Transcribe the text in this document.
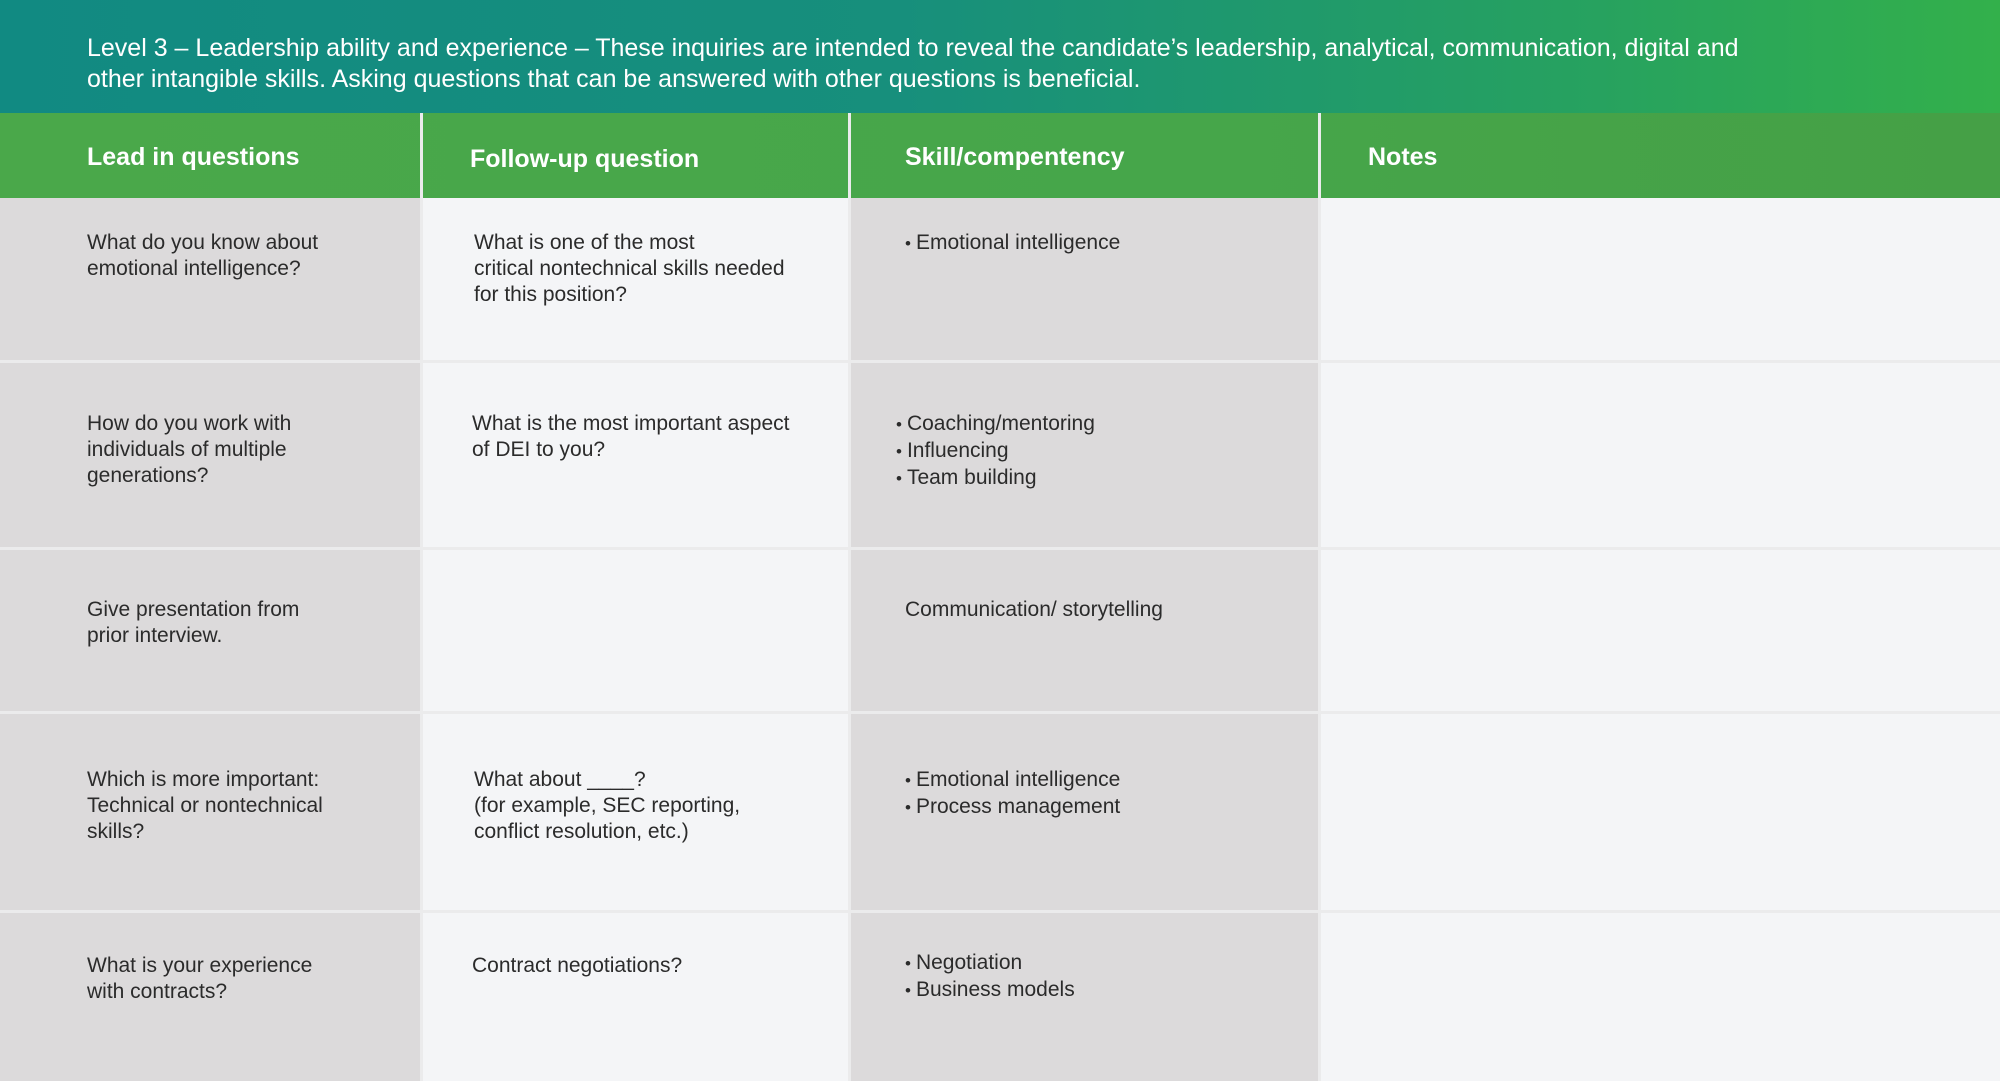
Level 3 – Leadership ability and experience – These inquiries are intended to reveal the candidate’s leadership, analytical, communication, digital and
other intangible skills. Asking questions that can be answered with other questions is beneficial.
Lead in questions	Follow-up question	Skill/compentency	Notes
What do you know about
emotional intelligence?
What is one of the most
critical nontechnical skills needed
for this position?
• Emotional intelligence
How do you work with
individuals of multiple
generations?
What is the most important aspect
of DEI to you?
• Coaching/mentoring
• Influencing
• Team building
Give presentation from
prior interview.
Communication/ storytelling
Which is more important:
Technical or nontechnical
skills?
What about ____?
(for example, SEC reporting,
conflict resolution, etc.)
• Emotional intelligence
• Process management
What is your experience
with contracts?
Contract negotiations?
•	Negotiation
• Business models
